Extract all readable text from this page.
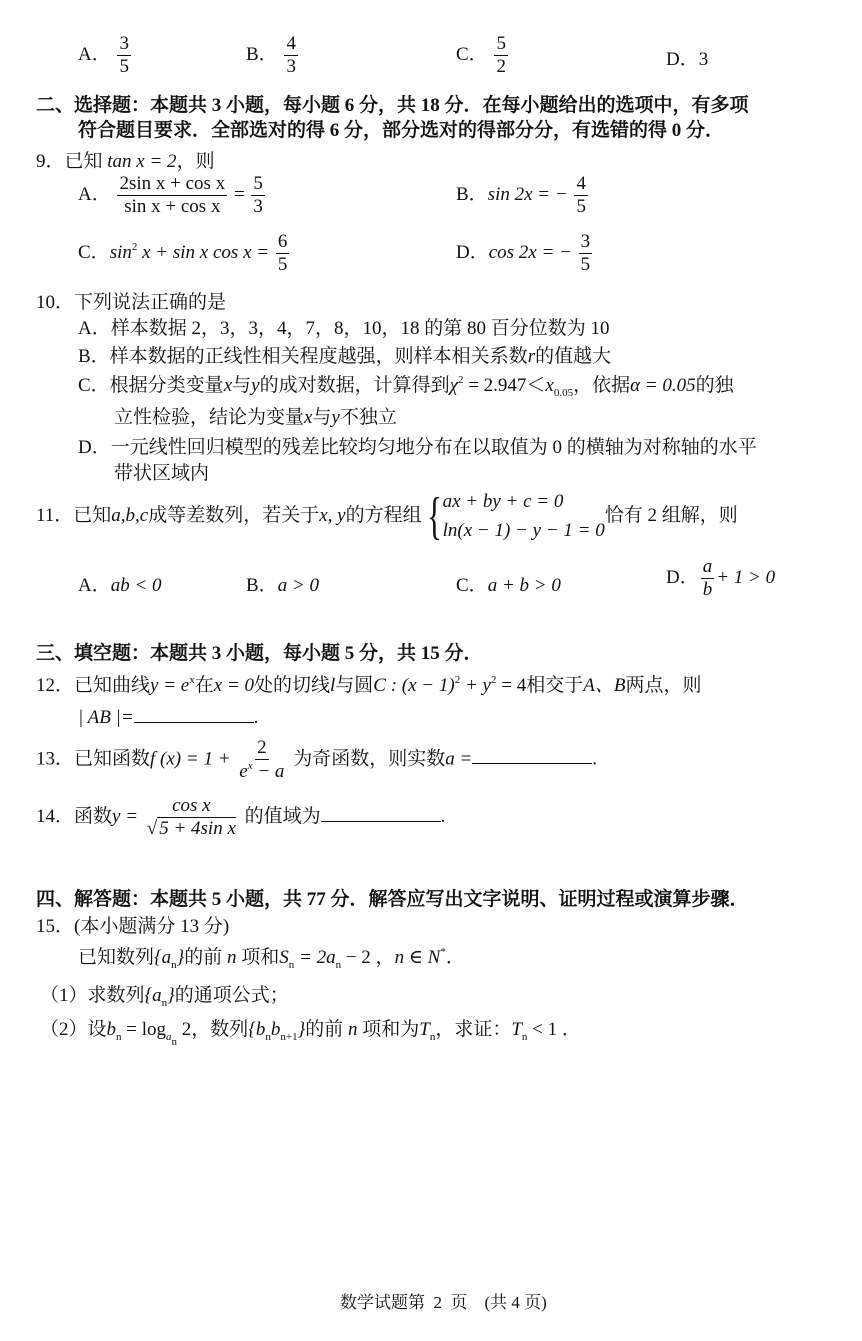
A． $\frac{3}{5}$	B． $\frac{4}{3}$	C． $\frac{5}{2}$	D．3
二、选择题：本题共 3 小题，每小题 6 分，共 18 分．在每小题给出的选项中，有多项
符合题目要求．全部选对的得 6 分，部分选对的得部分分，有选错的得 0 分．
9．已知 tan x = 2，则
A． $\frac{\text{2sin x + cos x}}{\text{sin x + cos x}} = \frac{5}{3}$	B．sin 2x = − $\frac{4}{5}$
C．$\sin^2 x + \sin x$ $\cos x = \frac{6}{5}$	D．cos 2x = − $\frac{3}{5}$
10．下列说法正确的是
A．样本数据 2，3，3，4，7，8，10，18 的第 80 百分位数为 10
B．样本数据的正线性相关程度越强，则样本相关系数r的值越大
C．根据分类变量x与y的成对数据，计算得到$\chi^2 = 2.947<x_{0.05}$，依据α = 0.05的独
立性检验，结论为变量x与y不独立
D．一元线性回归模型的残差比较均匀地分布在以取值为 0 的横轴为对称轴的水平
带状区域内
11．已知a,b,c成等差数列，若关于x, y的方程组{ ax + by + c = 0
ln(x − 1) − y − 1 = 0
恰有 2 组解，则
A．ab < 0	B．a > 0	C．a + b > 0	D． $\frac{a}{b} + 1 > 0$
三、填空题：本题共 3 小题，每小题 5 分，共 15 分．
12．已知曲线$y = e^x$在x = 0处的切线l与圆C : $(x - 1)^2 + y^2 = 4$相交于A、B两点，则
| AB |=	.
13．已知函数f $(x) = 1 + \frac{2}{e^x - a}$ 为奇函数，则实数a =	.
14．函数$y = \frac{\text{cos x}}{\text{√ 5 + 4sin x}}$ 的值域为	.
四、解答题：本题共 5 小题，共 77 分．解答应写出文字说明、证明过程或演算步骤．
15．(本小题满分 13 分)
已知数列$\{a_n\}$的前 n 项和$S_n = 2a_n - 2$ ，n ∈ N*．
（1）求数列$\{a_n\}$的通项公式；
（2）设$b_n = \log_{a_n} 2$，数列$\{b_nb_{n+1}\}$的前 n 项和为$T_n$，求证：$T_n < 1$ ．
数学试题第  2  页    (共 4 页)
